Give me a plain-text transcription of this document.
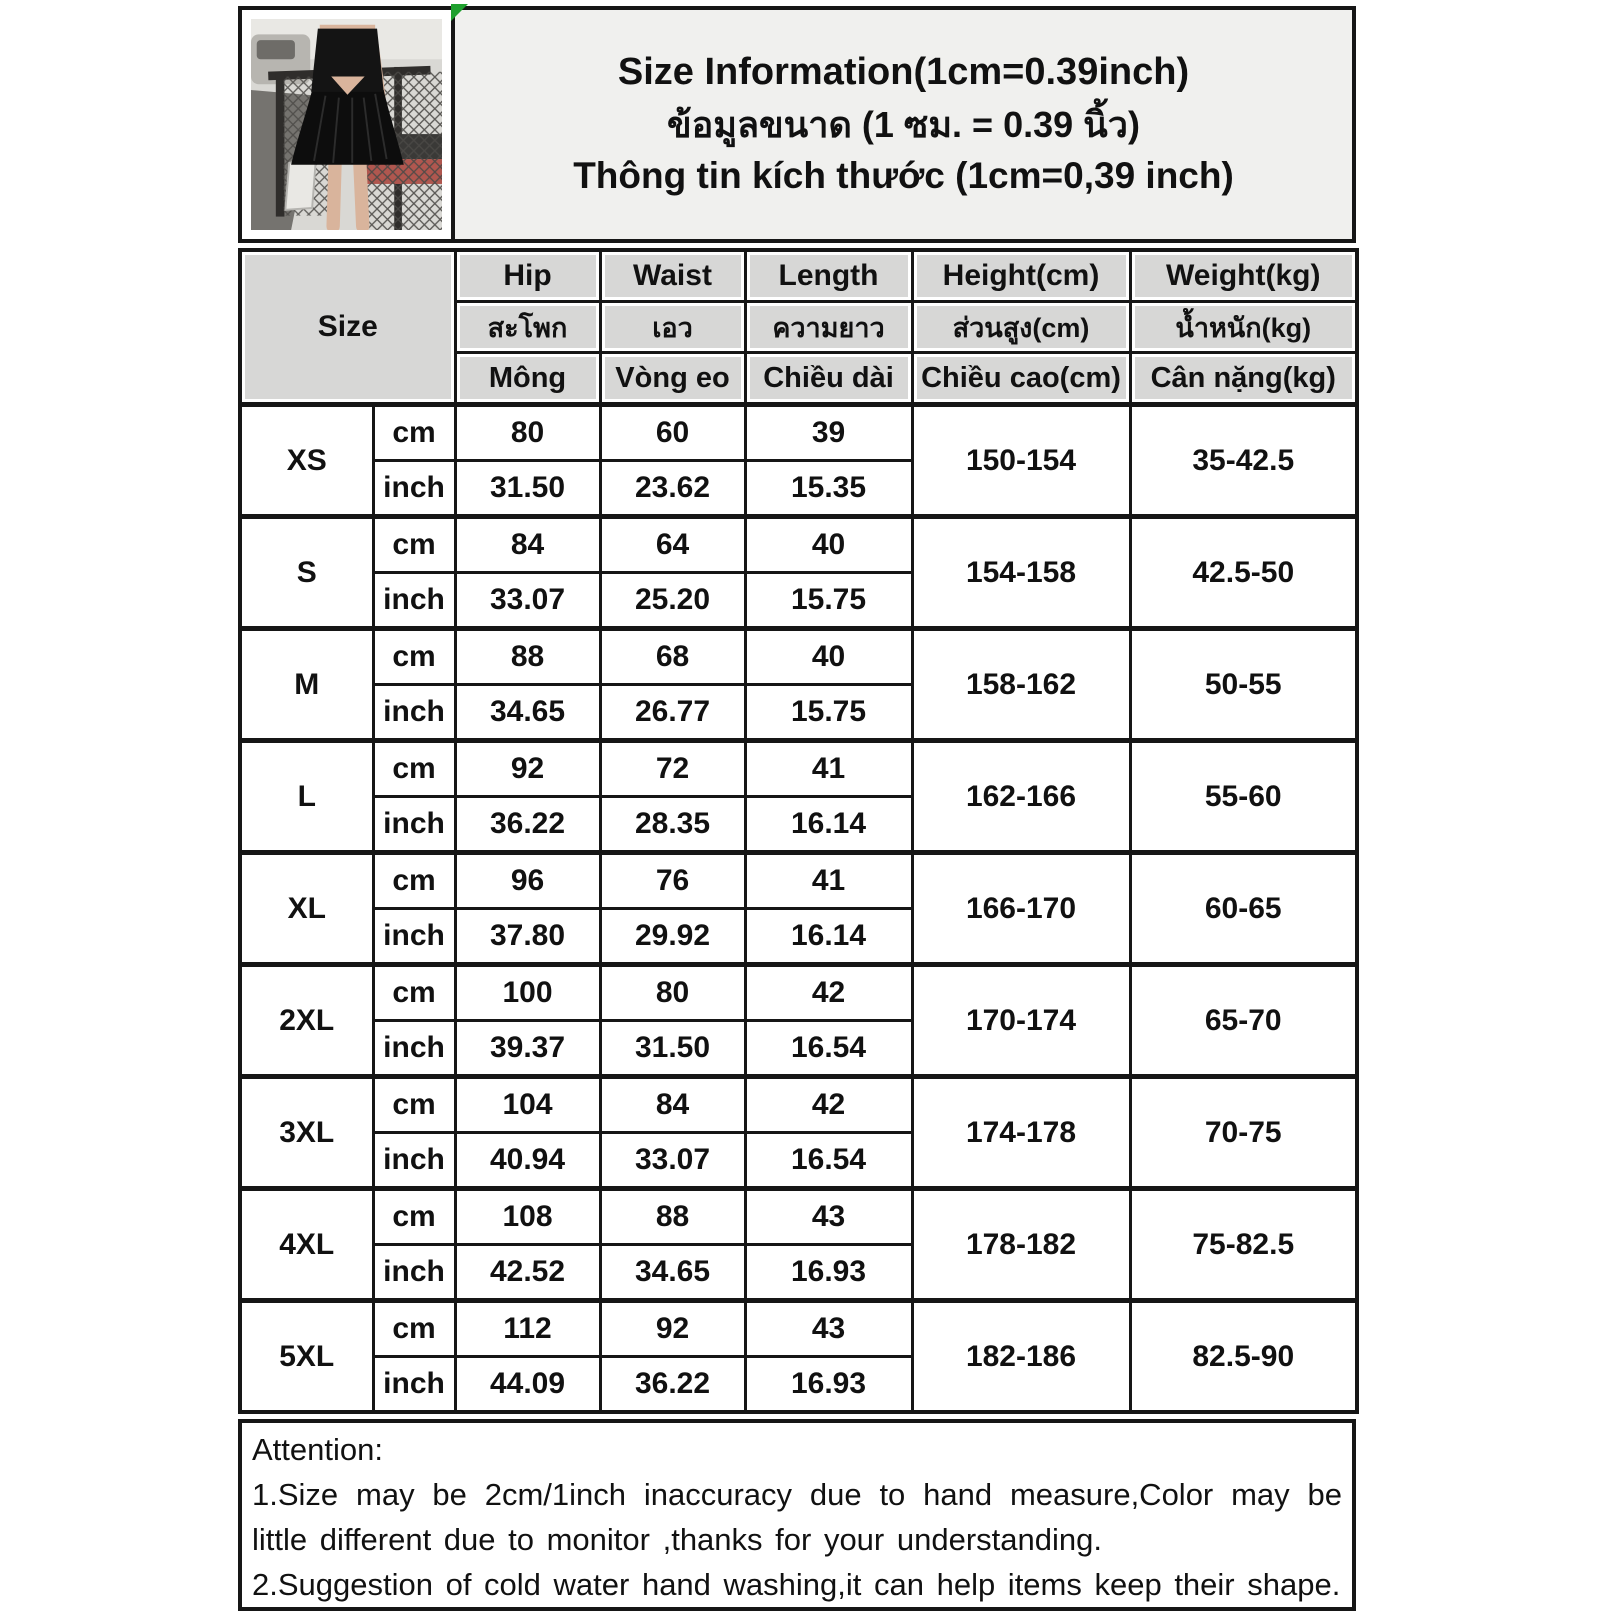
Size Information(1cm=0.39inch)
ข้อมูลขนาด (1 ซม. = 0.39 นิ้ว)
Thông tin kích thước (1cm=0,39 inch)
Size		Hip	Waist	Length	Height(cm)	Weight(kg)
		สะโพก	เอว	ความยาว	ส่วนสูง(cm)	น้ำหนัก(kg)
		Mông	Vòng eo	Chiều dài	Chiều cao(cm)	Cân nặng(kg)
XS	cm	80	60	39	150-154	35-42.5
	inch	31.50	23.62	15.35		
S	cm	84	64	40	154-158	42.5-50
	inch	33.07	25.20	15.75		
M	cm	88	68	40	158-162	50-55
	inch	34.65	26.77	15.75		
L	cm	92	72	41	162-166	55-60
	inch	36.22	28.35	16.14		
XL	cm	96	76	41	166-170	60-65
	inch	37.80	29.92	16.14		
2XL	cm	100	80	42	170-174	65-70
	inch	39.37	31.50	16.54		
3XL	cm	104	84	42	174-178	70-75
	inch	40.94	33.07	16.54		
4XL	cm	108	88	43	178-182	75-82.5
	inch	42.52	34.65	16.93		
5XL	cm	112	92	43	182-186	82.5-90
	inch	44.09	36.22	16.93		
Attention:

1.Size may be 2cm/1inch inaccuracy due to hand measure,Color may be little different due to monitor ,thanks for your understanding.

2.Suggestion of cold water hand washing,it can help items keep their shape.
